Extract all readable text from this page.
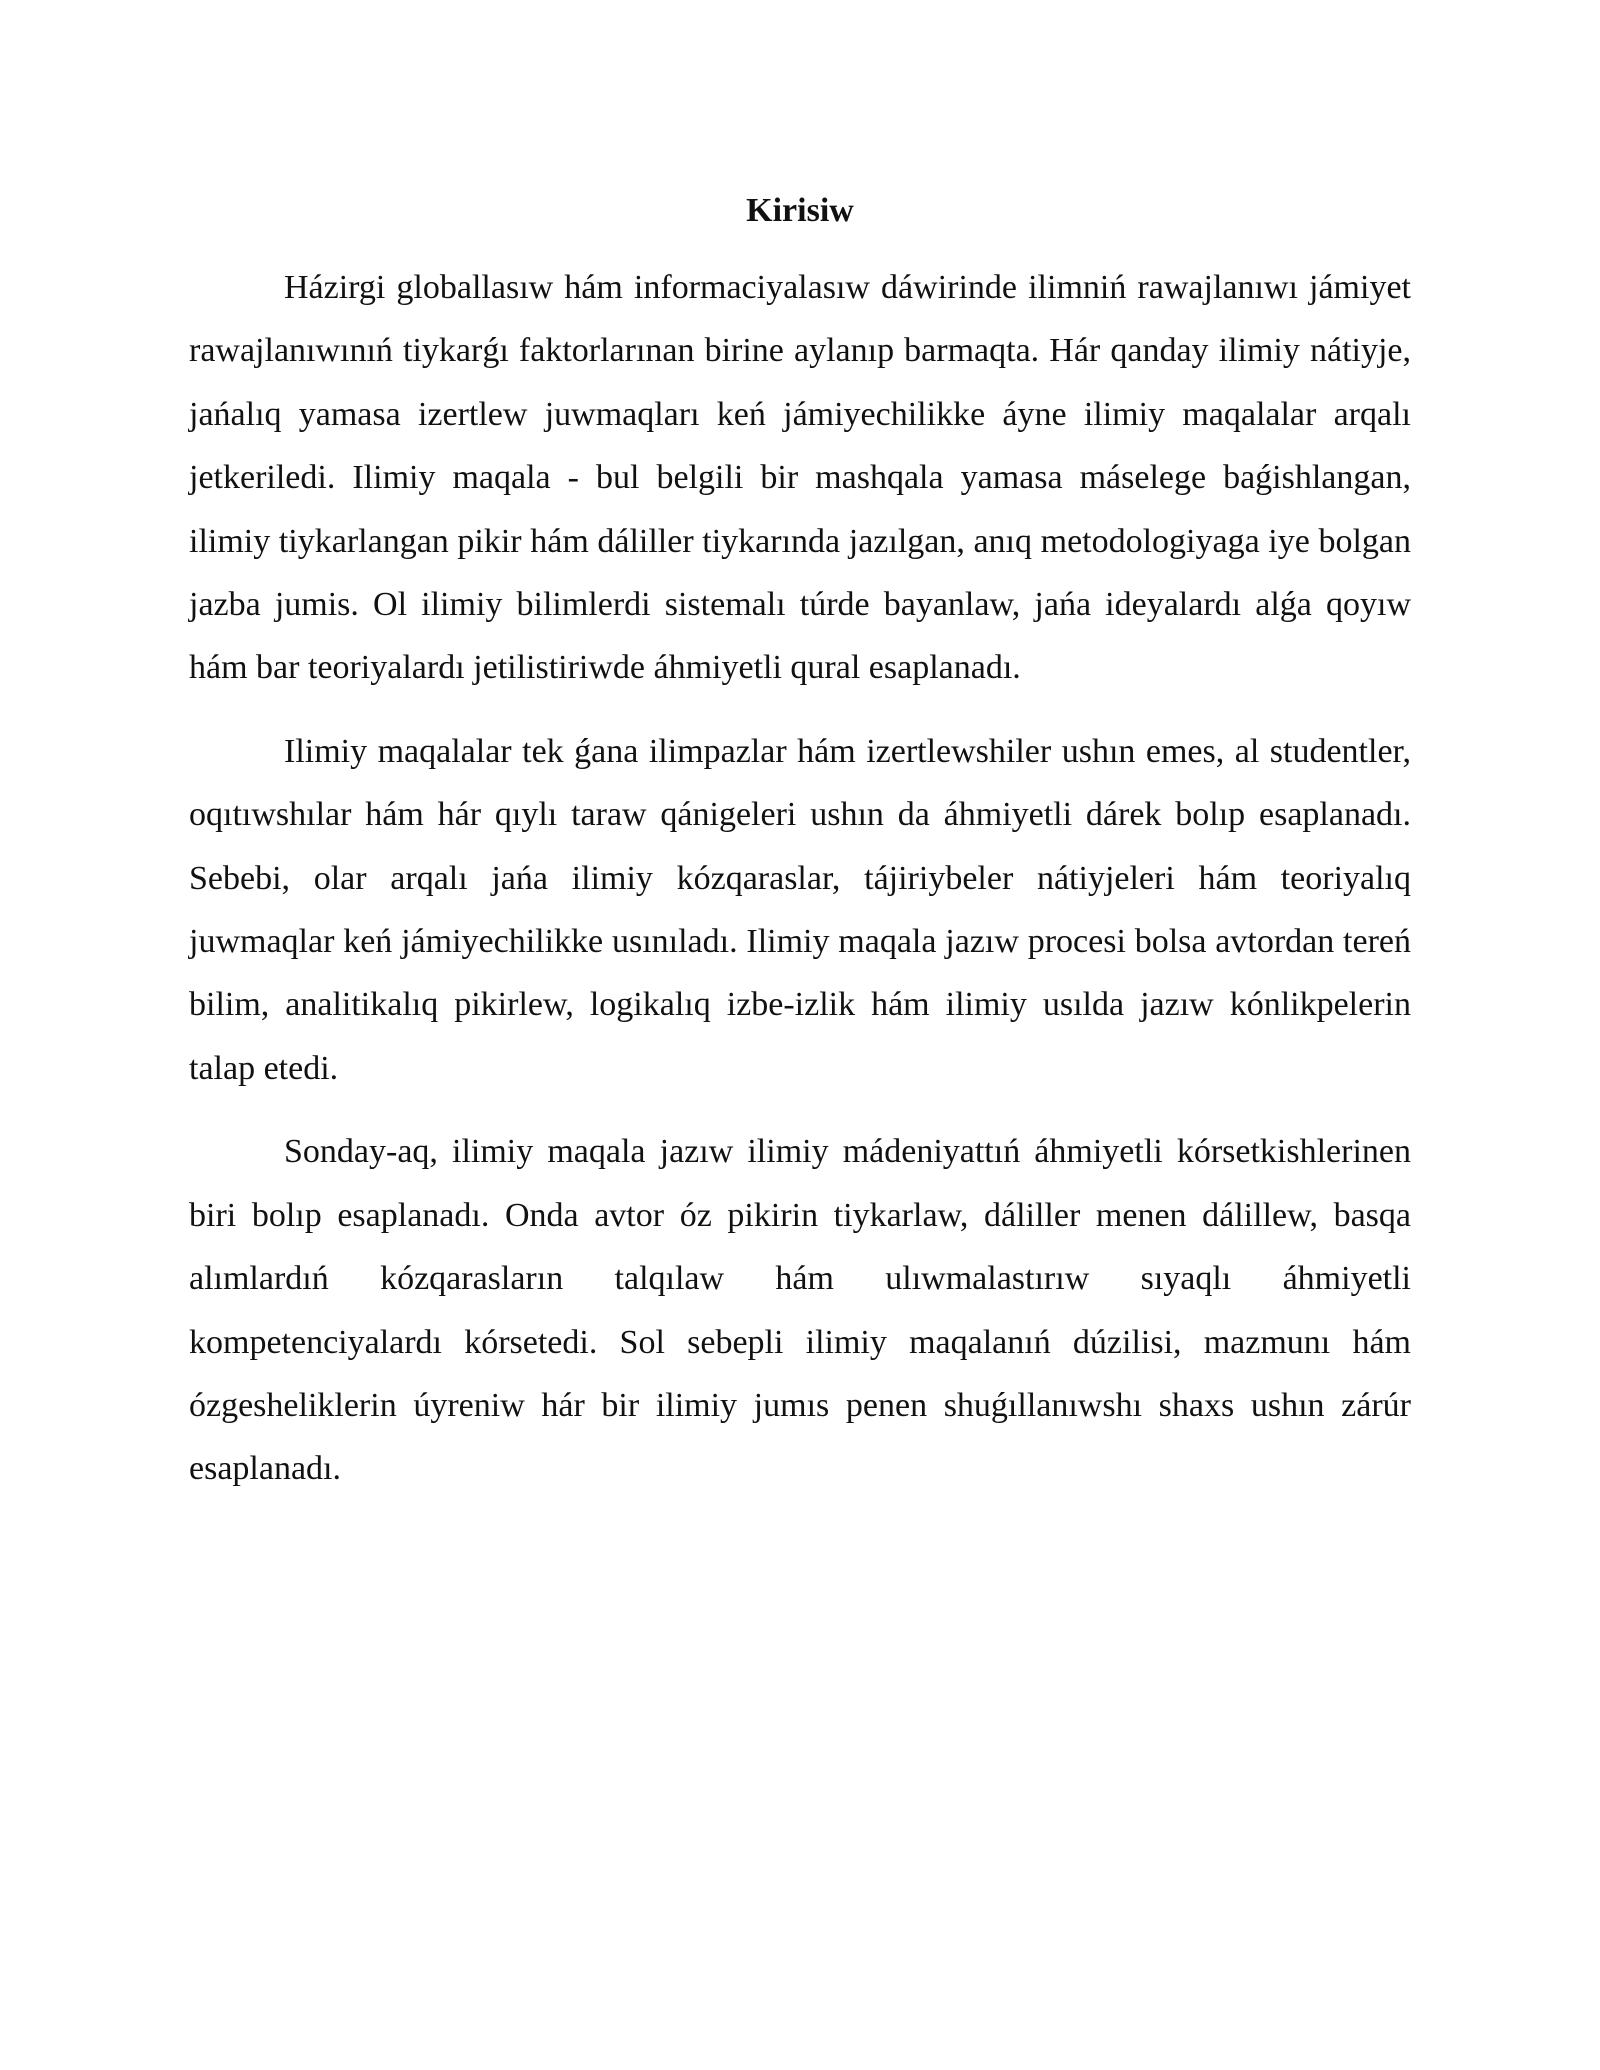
Kirisiw

Házirgi globallasıw hám informaciyalasıw dáwirinde ilimniń rawajlanıwı jámiyet rawajlanıwınıń tiykarǵı faktorlarınan birine aylanıp barmaqta. Hár qanday ilimiy nátiyje, jańalıq yamasa izertlew juwmaqları keń jámiyechilikke áyne ilimiy maqalalar arqalı jetkeriledi. Ilimiy maqala - bul belgili bir mashqala yamasa máselege baǵishlangan, ilimiy tiykarlangan pikir hám dáliller tiykarında jazılgan, anıq metodologiyaga iye bolgan jazba jumis. Ol ilimiy bilimlerdi sistemalı túrde bayanlaw, jańa ideyalardı alǵa qoyıw hám bar teoriyalardı jetilistiriwde áhmiyetli qural esaplanadı.

Ilimiy maqalalar tek ǵana ilimpazlar hám izertlewshiler ushın emes, al studentler, oqıtıwshılar hám hár qıylı taraw qánigeleri ushın da áhmiyetli dárek bolıp esaplanadı. Sebebi, olar arqalı jańa ilimiy kózqaraslar, tájiriybeler nátiyjeleri hám teoriyalıq juwmaqlar keń jámiyechilikke usınıladı. Ilimiy maqala jazıw procesi bolsa avtordan tereń bilim, analitikalıq pikirlew, logikalıq izbe-izlik hám ilimiy usılda jazıw kónlikpelerin talap etedi.

Sonday-aq, ilimiy maqala jazıw ilimiy mádeniyattıń áhmiyetli kórsetkishlerinen biri bolıp esaplanadı. Onda avtor óz pikirin tiykarlaw, dáliller menen dálillew, basqa alımlardıń kózqarasların talqılaw hám ulıwmalastırıw sıyaqlı áhmiyetli kompetenciyalardı kórsetedi. Sol sebepli ilimiy maqalanıń dúzilisi, mazmunı hám ózgesheliklerin úyreniw hár bir ilimiy jumıs penen shuǵıllanıwshı shaxs ushın zárúr esaplanadı.
